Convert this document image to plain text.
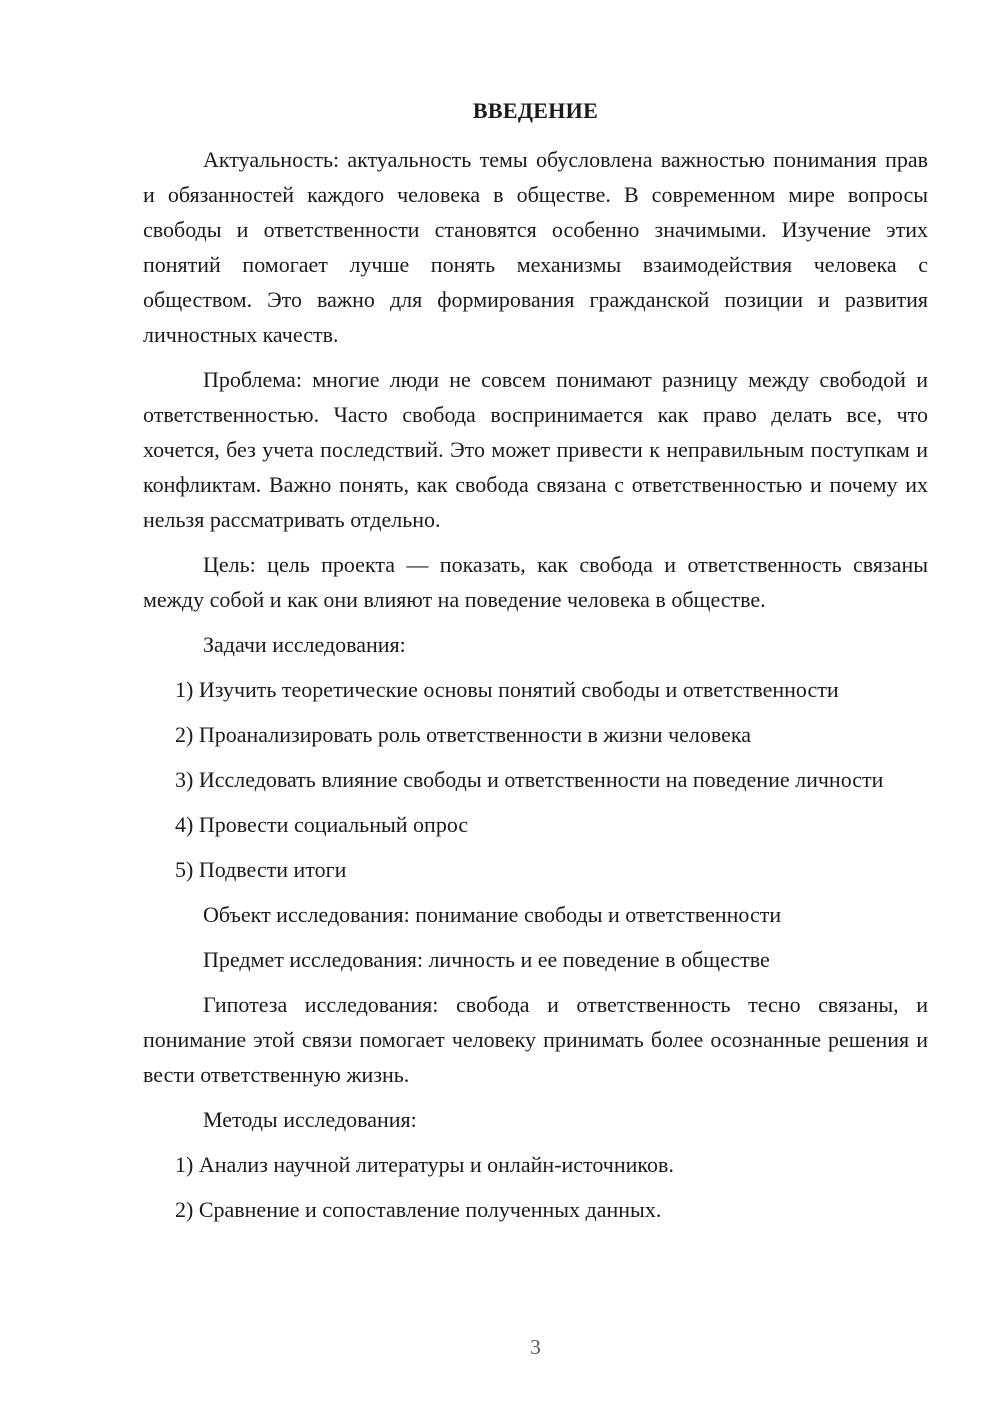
ВВЕДЕНИЕ

Актуальность: актуальность темы обусловлена важностью понимания прав и обязанностей каждого человека в обществе. В современном мире вопросы свободы и ответственности становятся особенно значимыми. Изучение этих понятий помогает лучше понять механизмы взаимодействия человека с обществом. Это важно для формирования гражданской позиции и развития личностных качеств.

Проблема: многие люди не совсем понимают разницу между свободой и ответственностью. Часто свобода воспринимается как право делать все, что хочется, без учета последствий. Это может привести к неправильным поступкам и конфликтам. Важно понять, как свобода связана с ответственностью и почему их нельзя рассматривать отдельно.

Цель: цель проекта — показать, как свобода и ответственность связаны между собой и как они влияют на поведение человека в обществе.

Задачи исследования:

1) Изучить теоретические основы понятий свободы и ответственности

2) Проанализировать роль ответственности в жизни человека

3) Исследовать влияние свободы и ответственности на поведение личности

4) Провести социальный опрос

5) Подвести итоги

Объект исследования: понимание свободы и ответственности

Предмет исследования: личность и ее поведение в обществе

Гипотеза исследования: свобода и ответственность тесно связаны, и понимание этой связи помогает человеку принимать более осознанные решения и вести ответственную жизнь.

Методы исследования:

1) Анализ научной литературы и онлайн-источников.

2) Сравнение и сопоставление полученных данных.

3
